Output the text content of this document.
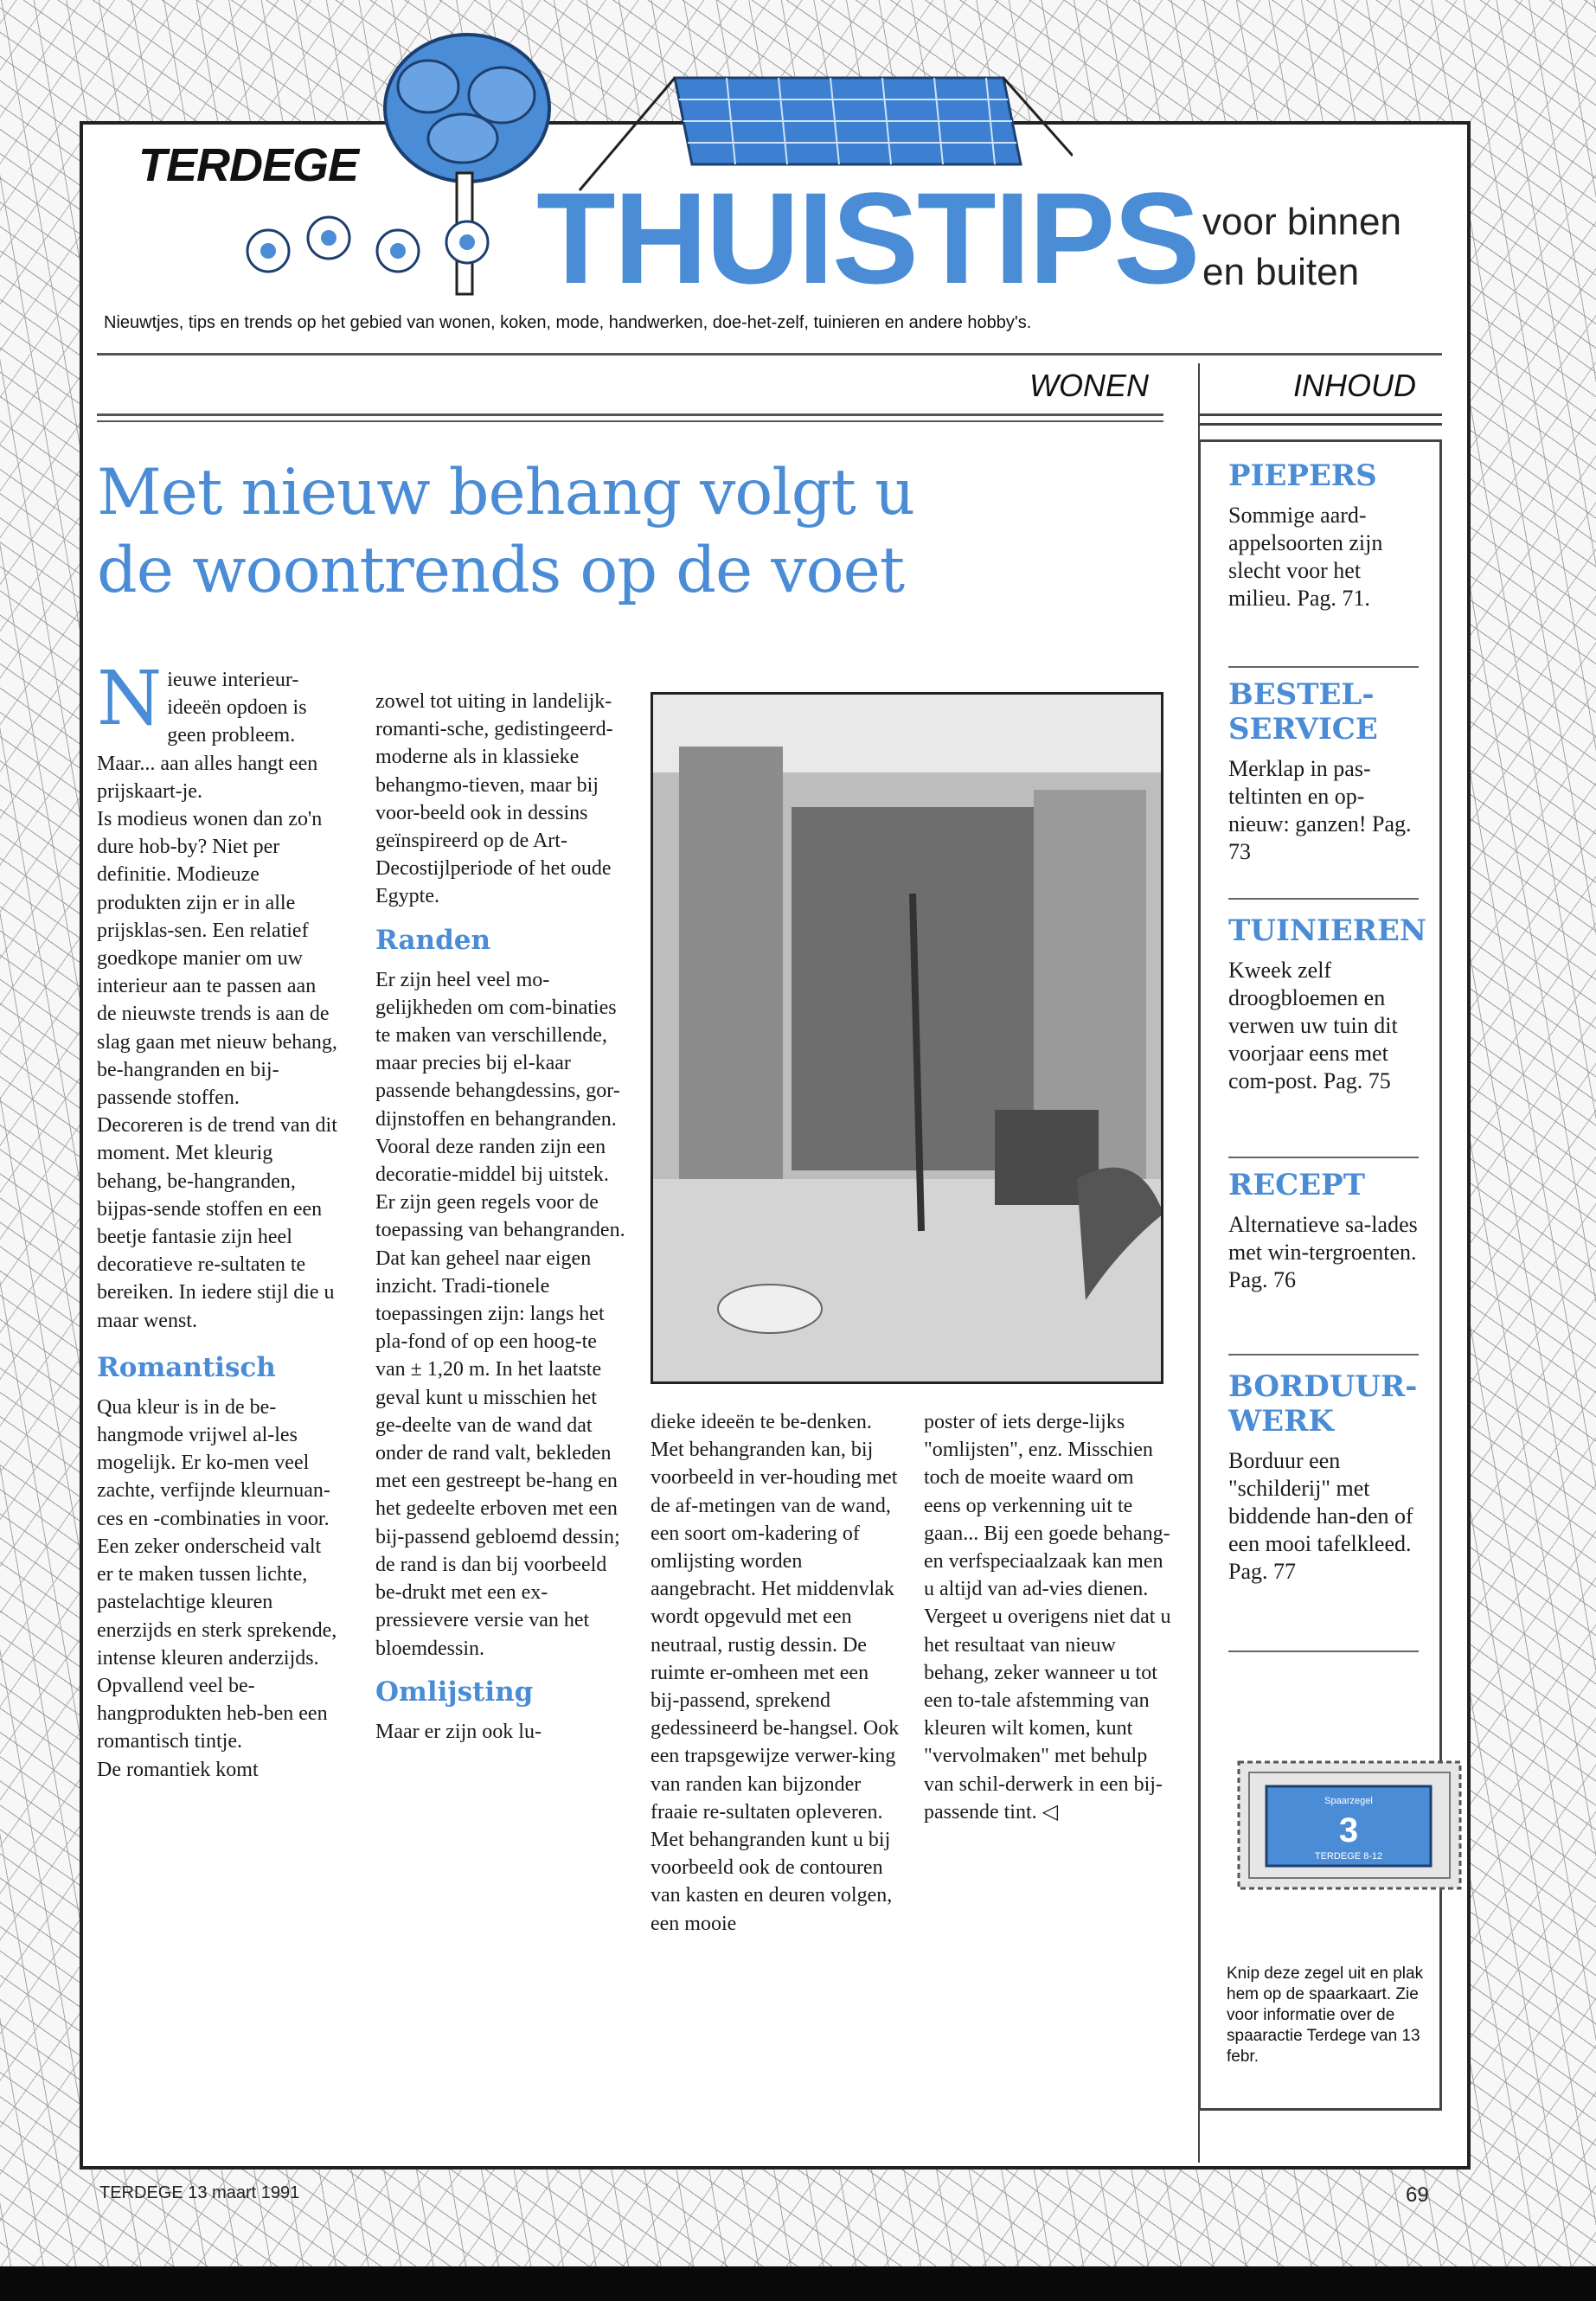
TERDEGE THUISTIPS voor binnen
en buiten
Nieuwtjes, tips en trends op het gebied van wonen, koken, mode, handwerken, doe-het-zelf, tuinieren en andere hobby's.
WONEN	INHOUD
Met nieuw behang volgt u
de woontrends op de voet

Nieuwe interieur-ideeën opdoen is geen probleem. Maar... aan alles hangt een prijskaart-je.

Is modieus wonen dan zo'n dure hob-by? Niet per definitie. Modieuze produkten zijn er in alle prijsklas-sen. Een relatief goedkope manier om uw interieur aan te passen aan de nieuwste trends is aan de slag gaan met nieuw behang, be-hangranden en bij-passende stoffen.

Decoreren is de trend van dit moment. Met kleurig behang, be-hangranden, bijpas-sende stoffen en een beetje fantasie zijn heel decoratieve re-sultaten te bereiken. In iedere stijl die u maar wenst.

Romantisch

Qua kleur is in de be-hangmode vrijwel al-les mogelijk. Er ko-men veel zachte, verfijnde kleurnuan-ces en -combinaties in voor. Een zeker onderscheid valt er te maken tussen lichte, pastelachtige kleuren enerzijds en sterk sprekende, intense kleuren anderzijds. Opvallend veel be-hangprodukten heb-ben een romantisch tintje.

De romantiek komt

zowel tot uiting in landelijk-romanti-sche, gedistingeerd-moderne als in klassieke behangmo-tieven, maar bij voor-beeld ook in dessins geïnspireerd op de Art-Decostijlperiode of het oude Egypte.

Randen

Er zijn heel veel mo-gelijkheden om com-binaties te maken van verschillende, maar precies bij el-kaar passende behangdessins, gor-dijnstoffen en behangranden. Vooral deze randen zijn een decoratie-middel bij uitstek.

Er zijn geen regels voor de toepassing van behangranden. Dat kan geheel naar eigen inzicht. Tradi-tionele toepassingen zijn: langs het pla-fond of op een hoog-te van ± 1,20 m. In het laatste geval kunt u misschien het ge-deelte van de wand dat onder de rand valt, bekleden met een gestreept be-hang en het gedeelte erboven met een bij-passend gebloemd dessin; de rand is dan bij voorbeeld be-drukt met een ex-pressievere versie van het bloemdessin.

Omlijsting

Maar er zijn ook lu-

dieke ideeën te be-denken. Met behangranden kan, bij voorbeeld in ver-houding met de af-metingen van de wand, een soort om-kadering of omlijsting worden aangebracht. Het middenvlak wordt opgevuld met een neutraal, rustig dessin. De ruimte er-omheen met een bij-passend, sprekend gedessineerd be-hangsel. Ook een trapsgewijze verwer-king van randen kan bijzonder fraaie re-sultaten opleveren. Met behangranden kunt u bij voorbeeld ook de contouren van kasten en deuren volgen, een mooie

poster of iets derge-lijks "omlijsten", enz. Misschien toch de moeite waard om eens op verkenning uit te gaan... Bij een goede behang- en verfspeciaalzaak kan men u altijd van ad-vies dienen. Vergeet u overigens niet dat u het resultaat van nieuw behang, zeker wanneer u tot een to-tale afstemming van kleuren wilt komen, kunt "vervolmaken" met behulp van schil-derwerk in een bij-passende tint. ◁

PIEPERS

Sommige aard-appelsoorten zijn slecht voor het milieu. Pag. 71.

BESTEL-SERVICE

Merklap in pas-teltinten en op-nieuw: ganzen! Pag. 73

TUINIEREN

Kweek zelf droogbloemen en verwen uw tuin dit voorjaar eens met com-post. Pag. 75

RECEPT

Alternatieve sa-lades met win-tergroenten. Pag. 76

BORDUUR-WERK

Borduur een "schilderij" met biddende han-den of een mooi tafelkleed. Pag. 77

Spaarzegel
3
TERDEGE 8-12
Knip deze zegel uit en plak hem op de spaarkaart. Zie voor informatie over de spaaractie Terdege van 13 febr.
TERDEGE 13 maart 1991	69
